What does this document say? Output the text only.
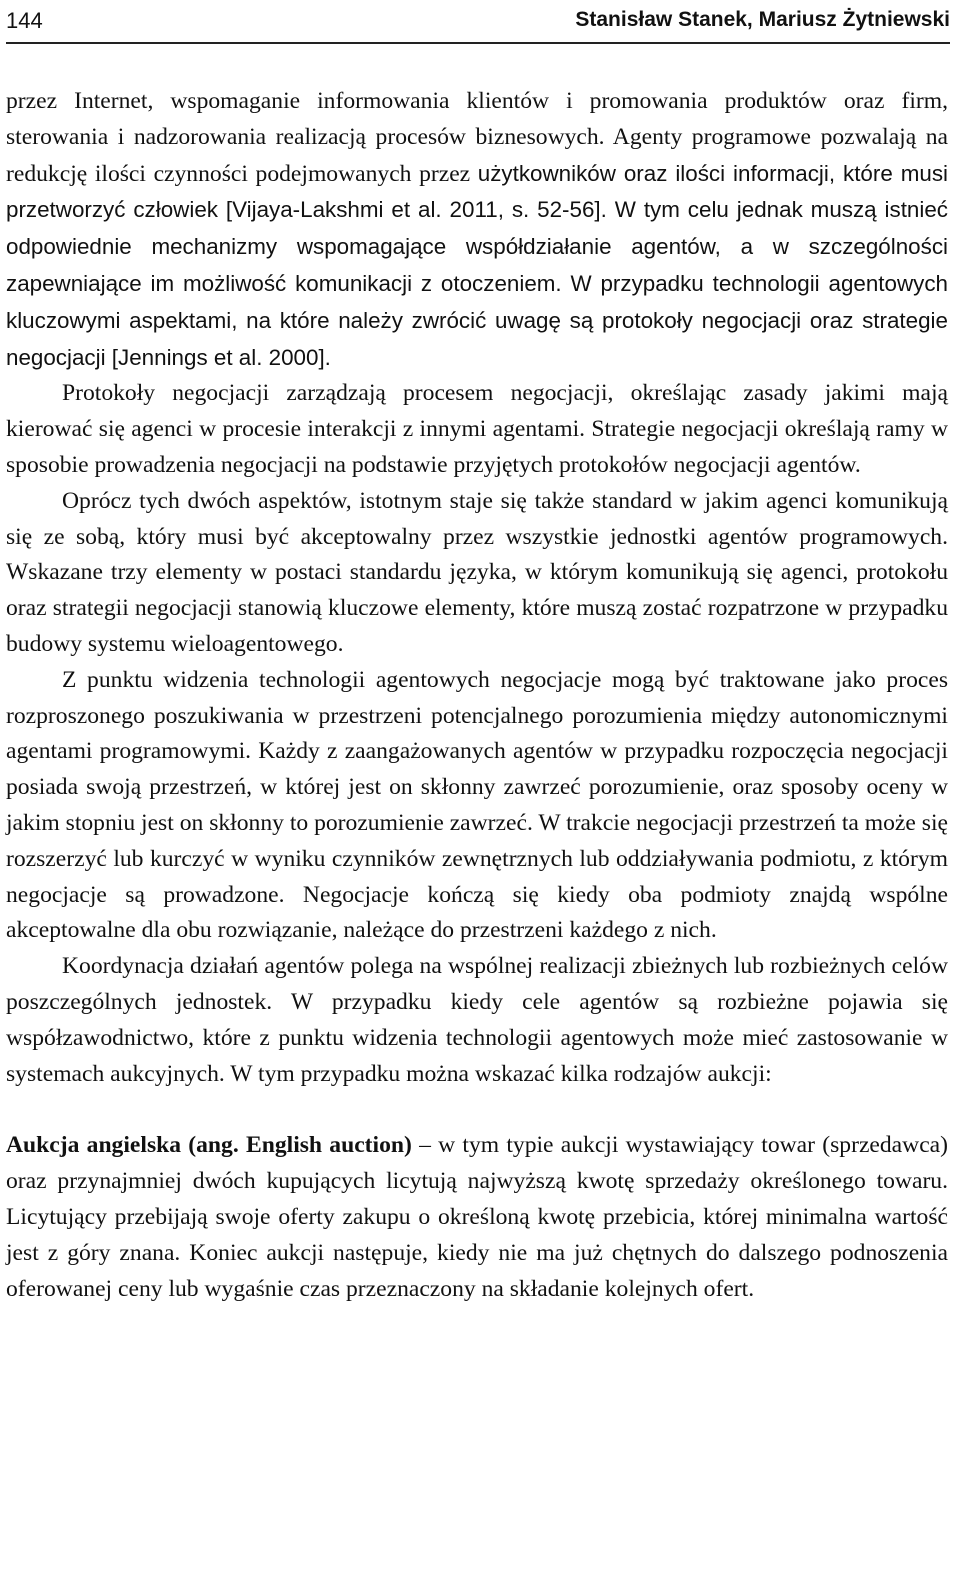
144	Stanisław Stanek, Mariusz Żytniewski

przez Internet, wspomaganie informowania klientów i promowania produktów oraz firm, sterowania i nadzorowania realizacją procesów biznesowych. Agenty programowe pozwalają na redukcję ilości czynności podejmowanych przez użytkowników oraz ilości informacji, które musi przetworzyć człowiek [Vijaya-Lakshmi et al. 2011, s. 52-56]. W tym celu jednak muszą istnieć odpowiednie mechanizmy wspomagające współdziałanie agentów, a w szczególności zapewniające im możliwość komunikacji z otoczeniem. W przypadku technologii agentowych kluczowymi aspektami, na które należy zwrócić uwagę są protokoły negocjacji oraz strategie negocjacji [Jennings et al. 2000].

Protokoły negocjacji zarządzają procesem negocjacji, określając zasady jakimi mają kierować się agenci w procesie interakcji z innymi agentami. Strategie negocjacji określają ramy w sposobie prowadzenia negocjacji na podstawie przyjętych protokołów negocjacji agentów.

Oprócz tych dwóch aspektów, istotnym staje się także standard w jakim agenci komunikują się ze sobą, który musi być akceptowalny przez wszystkie jednostki agentów programowych. Wskazane trzy elementy w postaci standardu języka, w którym komunikują się agenci, protokołu oraz strategii negocjacji stanowią kluczowe elementy, które muszą zostać rozpatrzone w przypadku budowy systemu wieloagentowego.

Z punktu widzenia technologii agentowych negocjacje mogą być traktowane jako proces rozproszonego poszukiwania w przestrzeni potencjalnego porozumienia między autonomicznymi agentami programowymi. Każdy z zaangażowanych agentów w przypadku rozpoczęcia negocjacji posiada swoją przestrzeń, w której jest on skłonny zawrzeć porozumienie, oraz sposoby oceny w jakim stopniu jest on skłonny to porozumienie zawrzeć. W trakcie negocjacji przestrzeń ta może się rozszerzyć lub kurczyć w wyniku czynników zewnętrznych lub oddziaływania podmiotu, z którym negocjacje są prowadzone. Negocjacje kończą się kiedy oba podmioty znajdą wspólne akceptowalne dla obu rozwiązanie, należące do przestrzeni każdego z nich.

Koordynacja działań agentów polega na wspólnej realizacji zbieżnych lub rozbieżnych celów poszczególnych jednostek. W przypadku kiedy cele agentów są rozbieżne pojawia się współzawodnictwo, które z punktu widzenia technologii agentowych może mieć zastosowanie w systemach aukcyjnych. W tym przypadku można wskazać kilka rodzajów aukcji:

Aukcja angielska (ang. English auction) – w tym typie aukcji wystawiający towar (sprzedawca) oraz przynajmniej dwóch kupujących licytują najwyższą kwotę sprzedaży określonego towaru. Licytujący przebijają swoje oferty zakupu o określoną kwotę przebicia, której minimalna wartość jest z góry znana. Koniec aukcji następuje, kiedy nie ma już chętnych do dalszego podnoszenia oferowanej ceny lub wygaśnie czas przeznaczony na składanie kolejnych ofert.
